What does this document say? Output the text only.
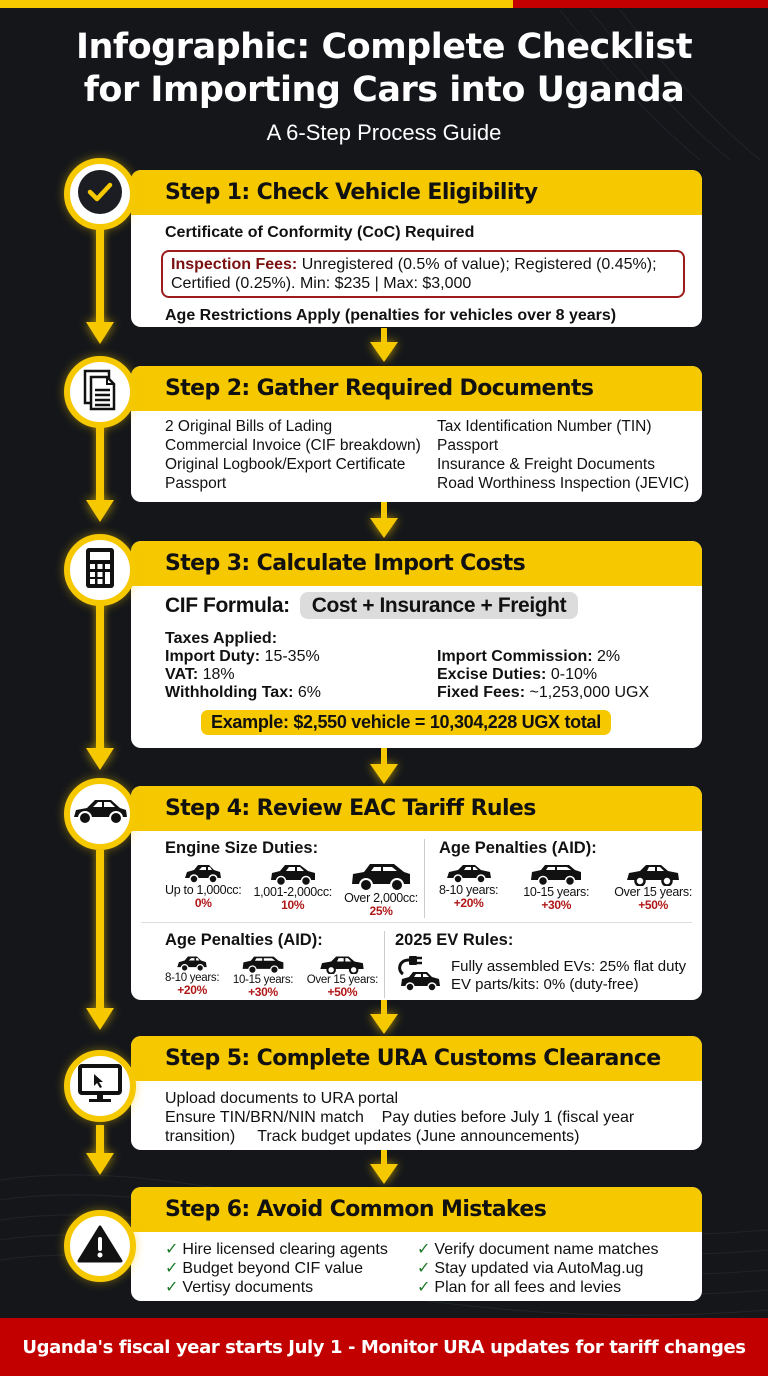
Infographic: Complete Checklist
for Importing Cars into Uganda
A 6-Step Process Guide
Step 1: Check Vehicle Eligibility
Certificate of Conformity (CoC) Required
Inspection Fees: Unregistered (0.5% of value); Registered (0.45%); Certified (0.25%). Min: $235 | Max: $3,000
Age Restrictions Apply (penalties for vehicles over 8 years)
Step 2: Gather Required Documents
2 Original Bills of Lading
Commercial Invoice (CIF breakdown)
Original Logbook/Export Certificate
Passport
Tax Identification Number (TIN)
Passport
Insurance & Freight Documents
Road Worthiness Inspection (JEVIC)
Step 3: Calculate Import Costs
CIF Formula:	Cost + Insurance + Freight
Taxes Applied:
Import Duty: 15-35%
VAT: 18%
Withholding Tax: 6%
Import Commission: 2%
Excise Duties: 0-10%
Fixed Fees: ~1,253,000 UGX
Example: $2,550 vehicle = 10,304,228 UGX total
Step 4: Review EAC Tariff Rules
Engine Size Duties:
Up to 1,000cc:
0%
1,001-2,000cc:
10%	Over 2,000cc:
25%
Age Penalties (AID):
8-10 years:
+20%
10-15 years:
+30%
Over 15 years:
+50%
Age Penalties (AID):
8-10 years:
+20%
10-15 years:
+30%
Over 15 years:
+50%
2025 EV Rules:
Fully assembled EVs: 25% flat duty
EV parts/kits: 0% (duty-free)
Step 5: Complete URA Customs Clearance
Upload documents to URA portal
Ensure TIN/BRN/NIN match    Pay duties before July 1 (fiscal year
transition)     Track budget updates (June announcements)
Step 6: Avoid Common Mistakes
✓ Hire licensed clearing agents
✓ Budget beyond CIF value
✓ Vertisy documents
✓ Verify document name matches
✓ Stay updated via AutoMag.ug
✓ Plan for all fees and levies
Uganda's fiscal year starts July 1 - Monitor URA updates for tariff changes
